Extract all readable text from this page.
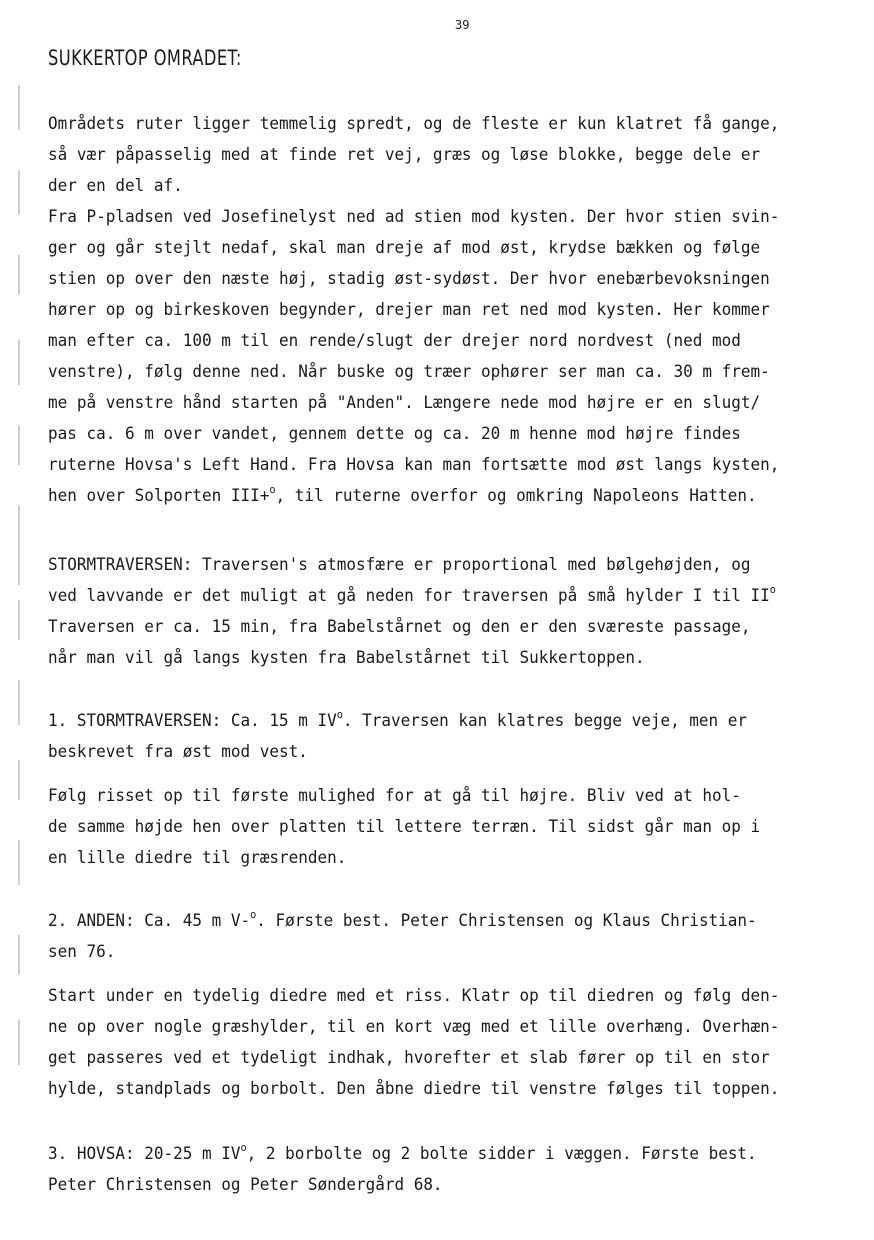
39
SUKKERTOP OMRADET:
Områdets ruter ligger temmelig spredt, og de fleste er kun klatret få gange,
så vær påpasselig med at finde ret vej, græs og løse blokke, begge dele er
der en del af.
Fra P-pladsen ved Josefinelyst ned ad stien mod kysten. Der hvor stien svin-
ger og går stejlt nedaf, skal man dreje af mod øst, krydse bækken og følge
stien op over den næste høj, stadig øst-sydøst. Der hvor enebærbevoksningen
hører op og birkeskoven begynder, drejer man ret ned mod kysten. Her kommer
man efter ca. 100 m til en rende/slugt der drejer nord nordvest (ned mod
venstre), følg denne ned. Når buske og træer ophører ser man ca. 30 m frem-
me på venstre hånd starten på "Anden". Længere nede mod højre er en slugt/
pas ca. 6 m over vandet, gennem dette og ca. 20 m henne mod højre findes
ruterne Hovsa's Left Hand. Fra Hovsa kan man fortsætte mod øst langs kysten,
hen over Solporten III+$^o$, til ruterne overfor og omkring Napoleons Hatten.
STORMTRAVERSEN: Traversen's atmosfære er proportional med bølgehøjden, og
ved lavvande er det muligt at gå neden for traversen på små hylder I til $II^o$
Traversen er ca. 15 min, fra Babelstårnet og den er den sværeste passage,
når man vil gå langs kysten fra Babelstårnet til Sukkertoppen.
1. STORMTRAVERSEN: Ca. 15 m $IV^o$. Traversen kan klatres begge veje, men er
beskrevet fra øst mod vest.
Følg risset op til første mulighed for at gå til højre. Bliv ved at hol-
de samme højde hen over platten til lettere terræn. Til sidst går man op i
en lille diedre til græsrenden.
2. ANDEN: Ca. 45 m V-$^o$. Første best. Peter Christensen og Klaus Christian-
sen 76.
Start under en tydelig diedre med et riss. Klatr op til diedren og følg den-
ne op over nogle græshylder, til en kort væg med et lille overhæng. Overhæn-
get passeres ved et tydeligt indhak, hvorefter et slab fører op til en stor
hylde, standplads og borbolt. Den åbne diedre til venstre følges til toppen.
3. HOVSA: 20-25 m $IV^o$, 2 borbolte og 2 bolte sidder i væggen. Første best.
Peter Christensen og Peter Søndergård 68.
